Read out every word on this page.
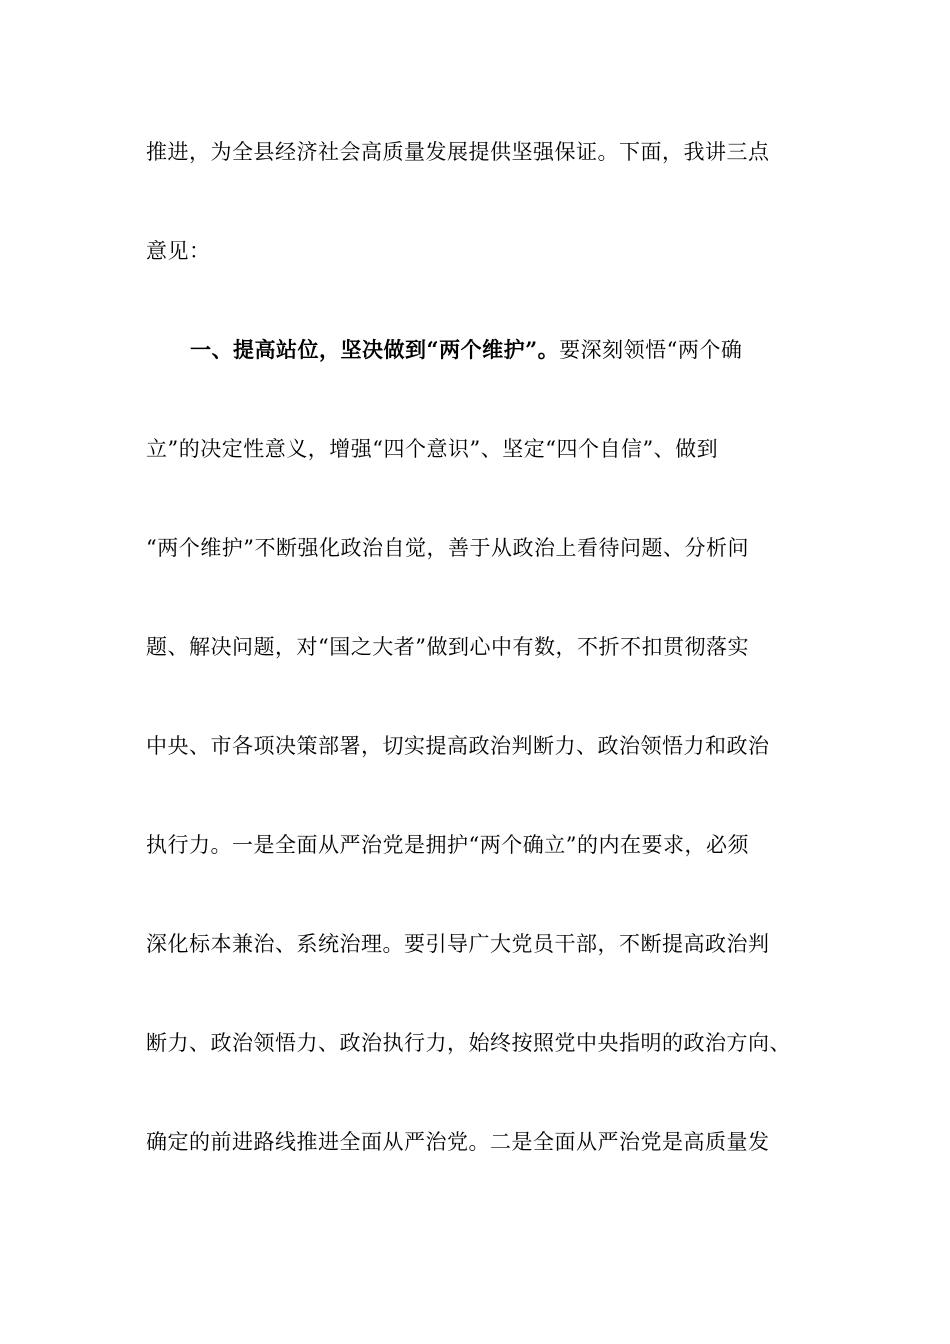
推进，为全县经济社会高质量发展提供坚强保证。下面，我讲三点
意见：
一、提高站位，坚决做到“两个维护”。要深刻领悟“两个确
立”的决定性意义，增强“四个意识”、坚定“四个自信”、做到
“两个维护”不断强化政治自觉，善于从政治上看待问题、分析问
题、解决问题，对“国之大者”做到心中有数，不折不扣贯彻落实
中央、市各项决策部署，切实提高政治判断力、政治领悟力和政治
执行力。一是全面从严治党是拥护“两个确立”的内在要求，必须
深化标本兼治、系统治理。要引导广大党员干部，不断提高政治判
断力、政治领悟力、政治执行力，始终按照党中央指明的政治方向、
确定的前进路线推进全面从严治党。二是全面从严治党是高质量发
